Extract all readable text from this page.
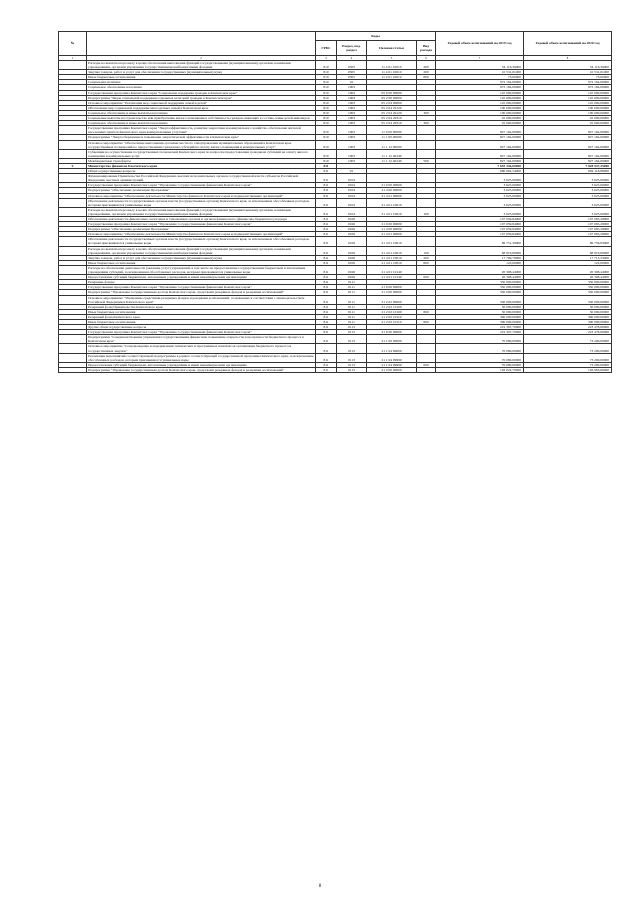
№		Коды				Годовой объем ассигнований на 2019 год	Годовой объем ассигнований на 2020 год
		ГРБС	Раздел, под-раздел	Целевая статья	Вид расхода		
1	2	3	4	5	6	7	8
	Расходы на выплаты персоналу в целях обеспечения выполнения функций государственными (муниципальными) органами, казенными учреждениями, органами управления государственными внебюджетными фондами	810	0505	11 4 01 10010	200	54 116,39000	54 116,39000
	Закупка товаров, работ и услуг для обеспечения государственных (муниципальных) нужд	810	0505	11 4 01 10010	200	10 531,61000	10 531,61000
	Иные бюджетные ассигнования	810	0505	11 4 01 10010	800	73,00000	73,00000
	Социальная политика	810	10			972 164,00000	972 164,00000
	Социальное обеспечение населения	810	1003			972 164,00000	972 164,00000
	Государственная программа Камчатского края "Социальная поддержка граждан в Камчатском крае"	810	1003	05 0 00 00000		145 000,00000	145 000,00000
	Подпрограмма "Меры социальной поддержки отдельных категорий граждан в Камчатском крае"	810	1003	05 2 00 00000		145 000,00000	145 000,00000
	Основное мероприятие "Реализация мер социальной поддержки семей и детей"	810	1003	05 2 04 00000		145 000,00000	145 000,00000
	Обеспечение мер социальной поддержки многодетных семей в Камчатском крае	810	1003	05 2 04 20120		100 000,00000	100 000,00000
	Социальное обеспечение и иные выплаты населению	810	1003	05 2 04 20120	300	100 000,00000	100 000,00000
	Социальные выплаты на строительство или приобретение жилого помещения в собственность граждан, имеющих в составе семьи детей-инвалидов	810	1003	05 2 04 20310		45 000,00000	45 000,00000
	Социальное обеспечение и иные выплаты населению	810	1003	05 2 04 20310	300	45 000,00000	45 000,00000
	Государственная программа Камчатского края "Энергоэффективность, развитие энергетики и коммунального хозяйства, обеспечение жителей населенных пунктов Камчатского края коммунальными услугами"	810	1003	11 0 00 00000		827 164,00000	827 164,00000
	Подпрограмма "Энергосбережение и повышение энергетической эффективности в Камчатском крае"	810	1003	11 1 00 00000		827 164,00000	827 164,00000
	Основное мероприятие "Обеспечение выполнения органами местного самоуправления муниципальных образований в Камчатском крае государственных полномочий по предоставлению гражданам субсидий на оплату жилого помещения и коммунальных услуг"	810	1003	11 1 12 00000		827 164,00000	827 164,00000
	Субвенции на осуществление государственных полномочий Камчатского края по вопросам предоставления гражданам субсидий на оплату жилого помещения и коммунальных услуг	810	1003	11 1 12 40240		827 164,00000	827 164,00000
	Межбюджетные трансферты	810	1003	11 1 12 40240	500	827 164,00000	827 164,00000
9	Министерство финансов Камчатского края	811				7 655 336,69000	7 828 947,25000
	Общегосударственные вопросы	811	01			680 062,54000	684 118,88000
	Функционирование Правительства Российской Федерации, высших исполнительных органов государственной власти субъектов Российской Федерации, местных администраций	811	0104			3 625,00000	3 625,00000
	Государственная программа Камчатского края "Управление государственными финансами Камчатского края"	811	0104	21 0 00 00000		3 625,00000	3 625,00000
	Подпрограмма "Обеспечение реализации Программы"	811	0104	21 4 00 00000		3 625,00000	3 625,00000
	Основное мероприятие "Обеспечение деятельности Министерства финансов Камчатского края и подведомственных организаций"	811	0104	21 4 01 00000		3 625,00000	3 625,00000
	Обеспечение деятельности государственных органов власти (государственных органов) Камчатского края, за исключением обособленных расходов, которым присваиваются уникальные коды	811	0104	21 4 01 10010		3 625,00000	3 625,00000
	Расходы на выплаты персоналу в целях обеспечения выполнения функций государственными (муниципальными) органами, казенными учреждениями, органами управления государственными внебюджетными фондами	811	0104	21 4 01 10010	100	3 625,00000	3 625,00000
	Обеспечение деятельности финансовых, налоговых и таможенных органов и органов финансового (финансово-бюджетного) надзора	811	0106			107 059,84000	107 065,28000
	Государственная программа Камчатского края "Управление государственными финансами Камчатского края"	811	0106	21 0 00 00000		107 059,84000	107 065,28000
	Подпрограмма "Обеспечение реализации Программы"	811	0106	21 4 00 00000		107 059,84000	107 065,28000
	Основное мероприятие "Обеспечение деятельности Министерства финансов Камчатского края и подведомственных организаций"	811	0106	21 4 01 00000		107 059,84000	107 065,28000
	Обеспечение деятельности государственных органов власти (государственных органов) Камчатского края, за исключением обособленных расходов, которым присваиваются уникальные коды	811	0106	21 4 01 10010		86 751,39000	86 756,83000
	Расходы на выплаты персоналу в целях обеспечения выполнения функций государственными (муниципальными) органами, казенными учреждениями, органами управления государственными внебюджетными фондами	811	0106	21 4 01 10010	100	68 919,60000	68 919,60000
	Закупка товаров, работ и услуг для обеспечения государственных (муниципальных) нужд	811	0106	21 4 01 10010	200	17 709,79000	17 715,23000
	Иные бюджетные ассигнования	811	0106	21 4 01 10010	800	122,00000	122,00000
	Расходы на обеспечение деятельности (оказание услуг) учреждений, в том числе на предоставление государственным бюджетным и автономным учреждениям субсидий, за исключением обособленных расходов, которым присваиваются уникальные коды	811	0106	21 4 01 10140		20 308,44000	20 308,44000
	Предоставление субсидий бюджетным, автономным учреждениям и иным некоммерческим организациям	811	0106	21 4 01 10140	600	20 308,44000	20 308,44000
	Резервные фонды	811	0111			350 000,00000	350 000,00000
	Государственная программа Камчатского края "Управление государственными финансами Камчатского края"	811	0111	21 0 00 00000		350 000,00000	350 000,00000
	Подпрограмма "Управление государственным долгом Камчатского края, средствами резервных фондов и резервами ассигнований"	811	0111	21 2 00 00000		350 000,00000	350 000,00000
	Основное мероприятие "Управление средствами резервных фондов и резервами ассигнований, создаваемых в соответствии с законодательством Российской Федерации и Камчатского края"	811	0111	21 2 02 00000		350 000,00000	350 000,00000
	Резервный фонд Правительства Камчатского края	811	0111	21 2 02 10100		50 000,00000	50 000,00000
	Иные бюджетные ассигнования	811	0111	21 2 02 10100	800	50 000,00000	50 000,00000
	Резервный фонд Камчатского края	811	0111	21 2 02 10110		300 000,00000	300 000,00000
	Иные бюджетные ассигнования	811	0111	21 2 02 10110	800	300 000,00000	300 000,00000
	Другие общегосударственные вопросы	811	0113			219 397,70000	223 478,60000
	Государственная программа Камчатского края "Управление государственными финансами Камчатского края"	811	0113	21 0 00 00000		219 397,70000	223 478,60000
	Подпрограмма "Совершенствование управления государственными финансами, повышение открытости и прозрачности бюджетного процесса в Камчатском крае"	811	0113	21 1 00 00000		70 080,00000	73 200,00000
	Основное мероприятие "Сопровождение и модернизация технических и программных комплексов организации бюджетного процесса и государственных закупок"	811	0113	21 1 04 00000		70 080,00000	73 200,00000
	Реализация мероприятий соответствующей подпрограммы в рамках соответствующей государственной программы Камчатского края, за исключением обособленных расходов, которым присваиваются уникальные коды	811	0113	21 1 04 09990		70 080,00000	73 200,00000
	Предоставление субсидий бюджетным, автономным учреждениям и иным некоммерческим организациям	811	0113	21 1 04 09990	600	70 080,00000	73 200,00000
	Подпрограмма "Управление государственным долгом Камчатского края, средствами резервных фондов и резервами ассигнований"	811	0113	21 2 00 00000		126 022,70000	126 963,60000
8
